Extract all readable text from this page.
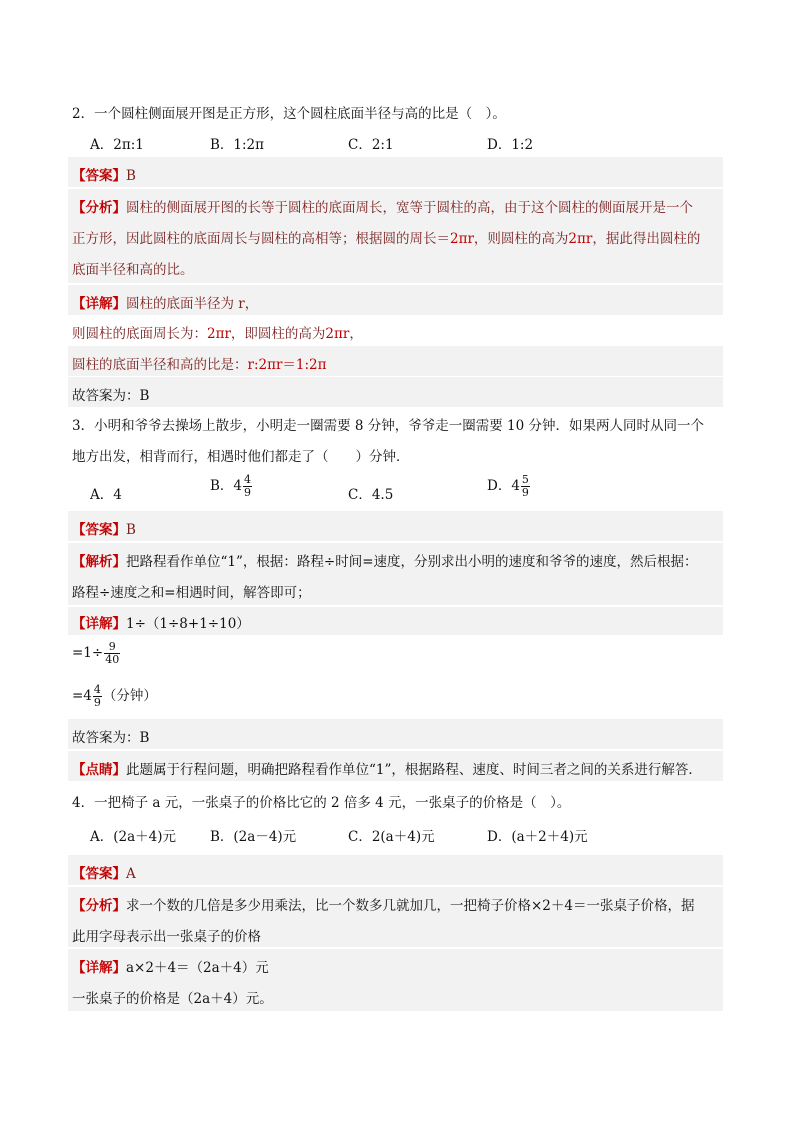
2．一个圆柱侧面展开图是正方形，这个圆柱底面半径与高的比是（　）。
A．2π:1	B．1:2π	C．2:1	D．1:2
【答案】B
【分析】圆柱的侧面展开图的长等于圆柱的底面周长，宽等于圆柱的高，由于这个圆柱的侧面展开是一个
正方形，因此圆柱的底面周长与圆柱的高相等；根据圆的周长＝2πr，则圆柱的高为2πr，据此得出圆柱的
底面半径和高的比。
【详解】圆柱的底面半径为 r，
则圆柱的底面周长为：2πr，即圆柱的高为2πr，
圆柱的底面半径和高的比是：r:2πr＝1:2π
故答案为：B
3．小明和爷爷去操场上散步，小明走一圈需要 8 分钟，爷爷走一圈需要 10 分钟．如果两人同时从同一个
地方出发，相背而行，相遇时他们都走了（　　）分钟．
A．4
B．$4 \frac{4}{9}$	C．4.5
D．$4 \frac{5}{9}$
【答案】B
【解析】把路程看作单位“1”，根据：路程÷时间=速度，分别求出小明的速度和爷爷的速度，然后根据：
路程÷速度之和=相遇时间，解答即可；
【详解】1÷（1÷8+1÷10）
$=1\div \frac{9}{40}$
$=4 \frac{4}{9}$ （分钟）
故答案为：B
【点睛】此题属于行程问题，明确把路程看作单位“1”，根据路程、速度、时间三者之间的关系进行解答．
4．一把椅子 a 元，一张桌子的价格比它的 2 倍多 4 元，一张桌子的价格是（　）。
A．(2a＋4)元	B．(2a－4)元	C．2(a＋4)元	D．(a＋2＋4)元
【答案】A
【分析】求一个数的几倍是多少用乘法，比一个数多几就加几，一把椅子价格×2＋4＝一张桌子价格，据
此用字母表示出一张桌子的价格
【详解】a×2＋4＝（2a＋4）元
一张桌子的价格是（2a＋4）元。
